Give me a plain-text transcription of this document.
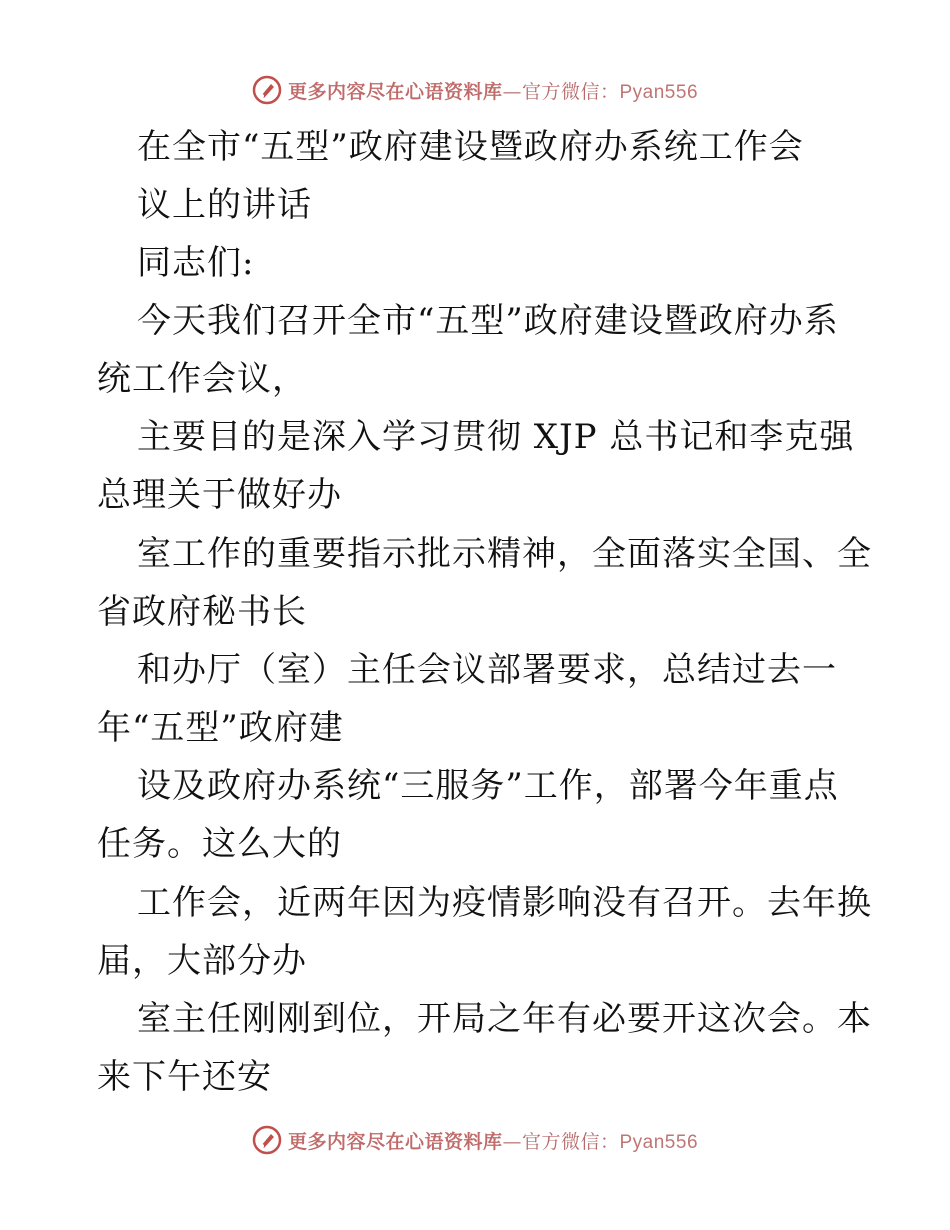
更多内容尽在心语资料库—官方微信：Pyan556
在全市“五型”政府建设暨政府办系统工作会
议上的讲话
同志们:
今天我们召开全市“五型”政府建设暨政府办系
统工作会议，
主要目的是深入学习贯彻 XJP 总书记和李克强
总理关于做好办
室工作的重要指示批示精神，全面落实全国、全
省政府秘书长
和办厅（室）主任会议部署要求，总结过去一
年“五型”政府建
设及政府办系统“三服务”工作，部署今年重点
任务。这么大的
工作会，近两年因为疫情影响没有召开。去年换
届，大部分办
室主任刚刚到位，开局之年有必要开这次会。本
来下午还安
更多内容尽在心语资料库—官方微信：Pyan556
